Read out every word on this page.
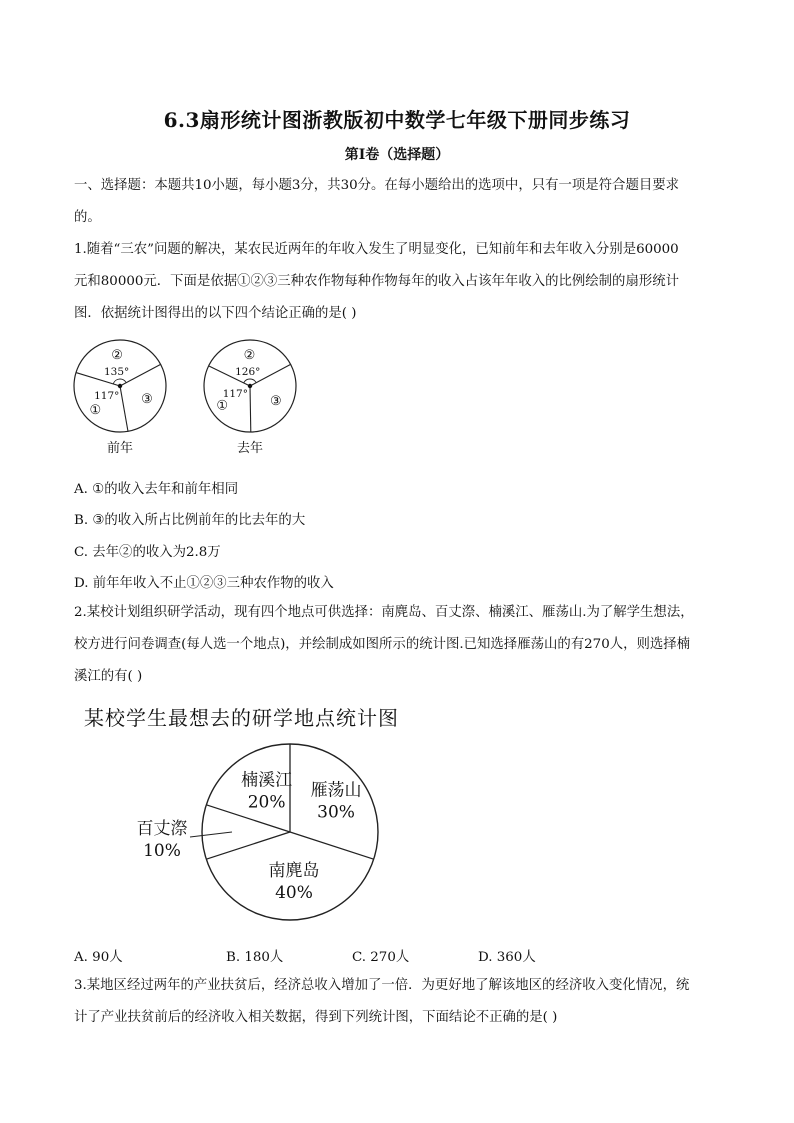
6.3扇形统计图浙教版初中数学七年级下册同步练习
第I卷（选择题）
一、选择题：本题共10小题，每小题3分，共30分。在每小题给出的选项中，只有一项是符合题目要求
的。
1.随着“三农”问题的解决，某农民近两年的年收入发生了明显变化，已知前年和去年收入分别是60000
元和80000元．下面是依据①②③三种农作物每种作物每年的收入占该年年收入的比例绘制的扇形统计
图．依据统计图得出的以下四个结论正确的是( )
②
③
①
135°
117°
前年
②
③
①
126°
117°
去年
A. ①的收入去年和前年相同
B. ③的收入所占比例前年的比去年的大
C. 去年②的收入为2.8万
D. 前年年收入不止①②③三种农作物的收入
2.某校计划组织研学活动，现有四个地点可供选择：南麂岛、百丈漈、楠溪江、雁荡山.为了解学生想法，
校方进行问卷调查(每人选一个地点)，并绘制成如图所示的统计图.已知选择雁荡山的有270人，则选择楠
溪江的有( )
某校学生最想去的研学地点统计图
雁荡山
30%
南麂岛
40%
百丈漈
10%
楠溪江
20%
A. 90人	B. 180人	C. 270人	D. 360人
3.某地区经过两年的产业扶贫后，经济总收入增加了一倍．为更好地了解该地区的经济收入变化情况，统
计了产业扶贫前后的经济收入相关数据，得到下列统计图，下面结论不正确的是( )
